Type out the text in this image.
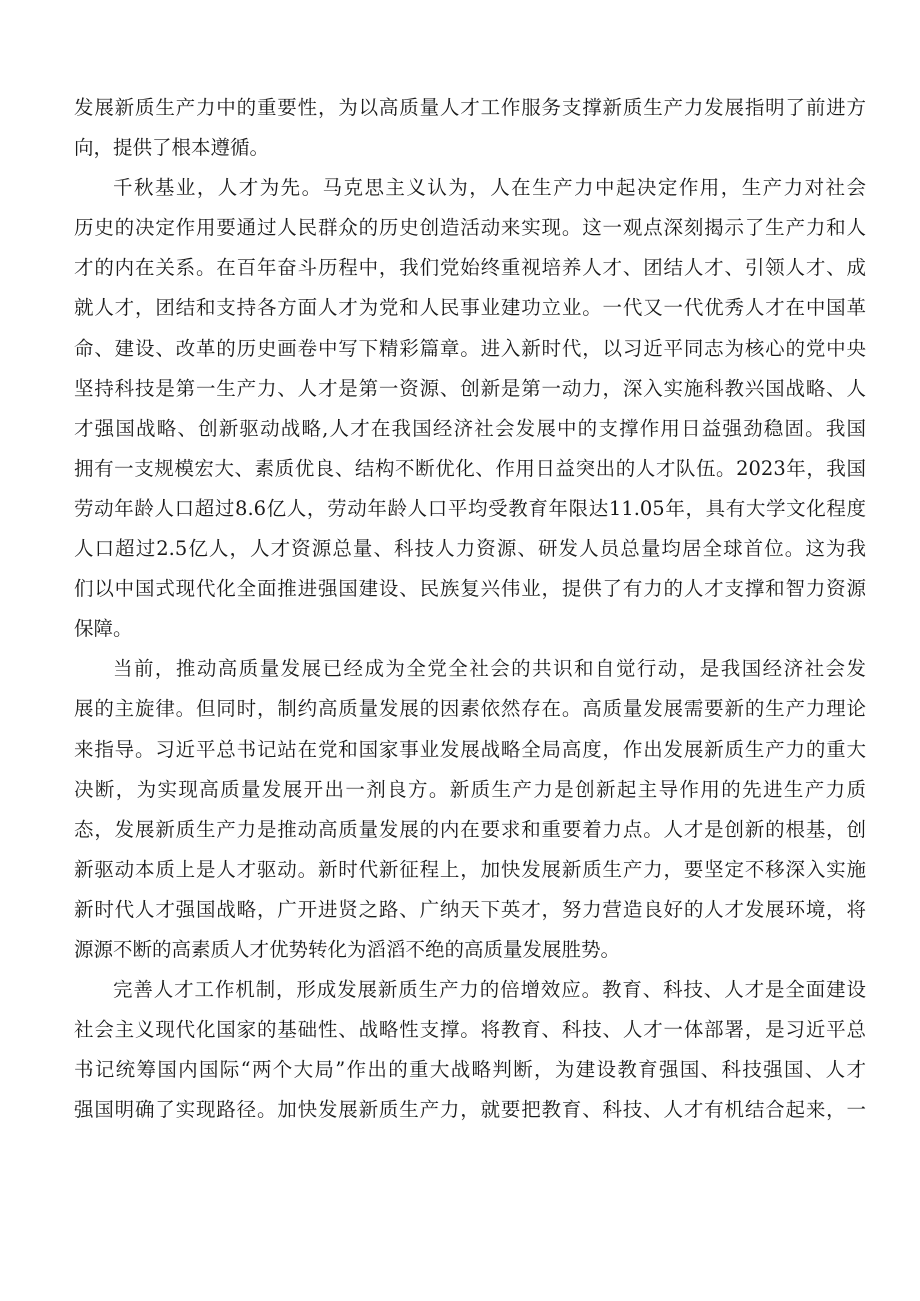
发展新质生产力中的重要性，为以高质量人才工作服务支撑新质生产力发展指明了前进方
向，提供了根本遵循。
千秋基业，人才为先。马克思主义认为，人在生产力中起决定作用，生产力对社会
历史的决定作用要通过人民群众的历史创造活动来实现。这一观点深刻揭示了生产力和人
才的内在关系。在百年奋斗历程中，我们党始终重视培养人才、团结人才、引领人才、成
就人才，团结和支持各方面人才为党和人民事业建功立业。一代又一代优秀人才在中国革
命、建设、改革的历史画卷中写下精彩篇章。进入新时代，以习近平同志为核心的党中央
坚持科技是第一生产力、人才是第一资源、创新是第一动力，深入实施科教兴国战略、人
才强国战略、创新驱动战略,人才在我国经济社会发展中的支撑作用日益强劲稳固。我国
拥有一支规模宏大、素质优良、结构不断优化、作用日益突出的人才队伍。2023年，我国
劳动年龄人口超过8.6亿人，劳动年龄人口平均受教育年限达11.05年，具有大学文化程度
人口超过2.5亿人，人才资源总量、科技人力资源、研发人员总量均居全球首位。这为我
们以中国式现代化全面推进强国建设、民族复兴伟业，提供了有力的人才支撑和智力资源
保障。
当前，推动高质量发展已经成为全党全社会的共识和自觉行动，是我国经济社会发
展的主旋律。但同时，制约高质量发展的因素依然存在。高质量发展需要新的生产力理论
来指导。习近平总书记站在党和国家事业发展战略全局高度，作出发展新质生产力的重大
决断，为实现高质量发展开出一剂良方。新质生产力是创新起主导作用的先进生产力质
态，发展新质生产力是推动高质量发展的内在要求和重要着力点。人才是创新的根基，创
新驱动本质上是人才驱动。新时代新征程上，加快发展新质生产力，要坚定不移深入实施
新时代人才强国战略，广开进贤之路、广纳天下英才，努力营造良好的人才发展环境，将
源源不断的高素质人才优势转化为滔滔不绝的高质量发展胜势。
完善人才工作机制，形成发展新质生产力的倍增效应。教育、科技、人才是全面建设
社会主义现代化国家的基础性、战略性支撑。将教育、科技、人才一体部署，是习近平总
书记统筹国内国际“两个大局”作出的重大战略判断，为建设教育强国、科技强国、人才
强国明确了实现路径。加快发展新质生产力，就要把教育、科技、人才有机结合起来，一
